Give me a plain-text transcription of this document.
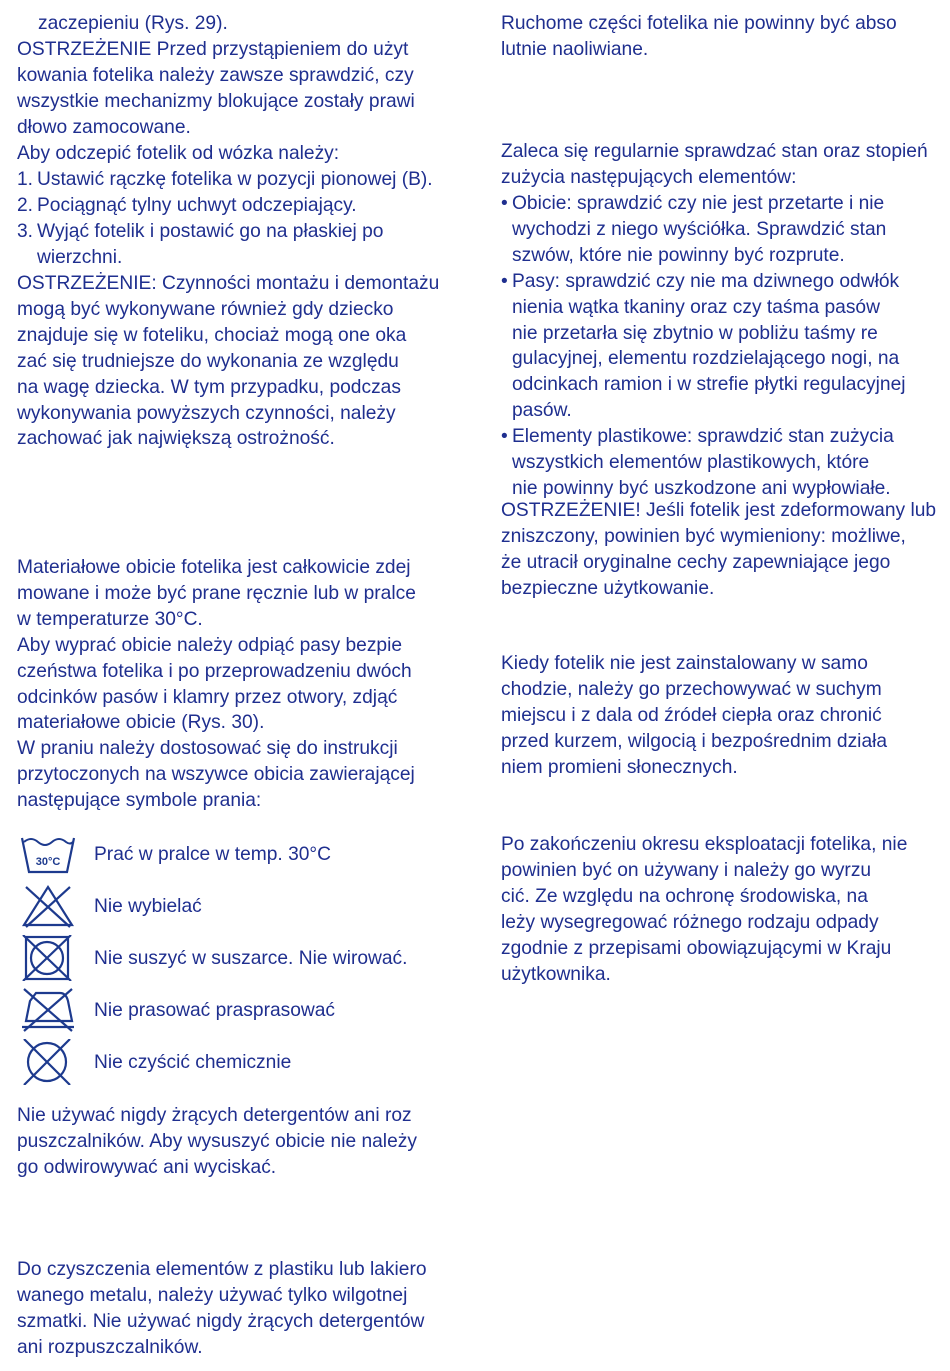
zaczepieniu (Rys. 29).
OSTRZEŻENIE Przed przystąpieniem do użyt
kowania fotelika należy zawsze sprawdzić, czy
wszystkie mechanizmy blokujące zostały prawi
dłowo zamocowane.
Aby odczepić fotelik od wózka należy:
1. Ustawić rączkę fotelika w pozycji pionowej (B).
2. Pociągnąć tylny uchwyt odczepiający.
3. Wyjąć fotelik i postawić go na płaskiej po
wierzchni.
OSTRZEŻENIE: Czynności montażu i demontażu
mogą być wykonywane również gdy dziecko
znajduje się w foteliku, chociaż mogą one oka
zać się trudniejsze do wykonania ze względu
na wagę dziecka. W tym przypadku, podczas
wykonywania powyższych czynności, należy
zachować jak największą ostrożność.
Materiałowe obicie fotelika jest całkowicie zdej
mowane i może być prane ręcznie lub w pralce
w temperaturze 30°C.
Aby wyprać obicie należy odpiąć pasy bezpie
czeństwa fotelika i po przeprowadzeniu dwóch
odcinków pasów i klamry przez otwory, zdjąć
materiałowe obicie (Rys. 30).
W praniu należy dostosować się do instrukcji
przytoczonych na wszywce obicia zawierającej
następujące symbole prania:
30°C Prać w pralce w temp. 30°C
Nie wybielać
Nie suszyć w suszarce. Nie wirować.
Nie prasować prasprasować
Nie czyścić chemicznie
Nie używać nigdy żrących detergentów ani roz
puszczalników. Aby wysuszyć obicie nie należy
go odwirowywać ani wyciskać.
Do czyszczenia elementów z plastiku lub lakiero
wanego metalu, należy używać tylko wilgotnej
szmatki. Nie używać nigdy żrących detergentów
ani rozpuszczalników.
Ruchome części fotelika nie powinny być abso
lutnie naoliwiane.
Zaleca się regularnie sprawdzać stan oraz stopień
zużycia następujących elementów:
• Obicie: sprawdzić czy nie jest przetarte i nie
wychodzi z niego wyściółka. Sprawdzić stan
szwów, które nie powinny być rozprute.
• Pasy: sprawdzić czy nie ma dziwnego odwłók
nienia wątka tkaniny oraz czy taśma pasów
nie przetarła się zbytnio w pobliżu taśmy re
gulacyjnej, elementu rozdzielającego nogi, na
odcinkach ramion i w strefie płytki regulacyjnej
pasów.
• Elementy plastikowe: sprawdzić stan zużycia
wszystkich elementów plastikowych, które
nie powinny być uszkodzone ani wypłowiałe.
OSTRZEŻENIE! Jeśli fotelik jest zdeformowany lub
zniszczony, powinien być wymieniony: możliwe,
że utracił oryginalne cechy zapewniające jego
bezpieczne użytkowanie.
Kiedy fotelik nie jest zainstalowany w samo
chodzie, należy go przechowywać w suchym
miejscu i z dala od źródeł ciepła oraz chronić
przed kurzem, wilgocią i bezpośrednim działa
niem promieni słonecznych.
Po zakończeniu okresu eksploatacji fotelika, nie
powinien być on używany i należy go wyrzu
cić. Ze względu na ochronę środowiska, na
leży wysegregować różnego rodzaju odpady
zgodnie z przepisami obowiązującymi w Kraju
użytkownika.
